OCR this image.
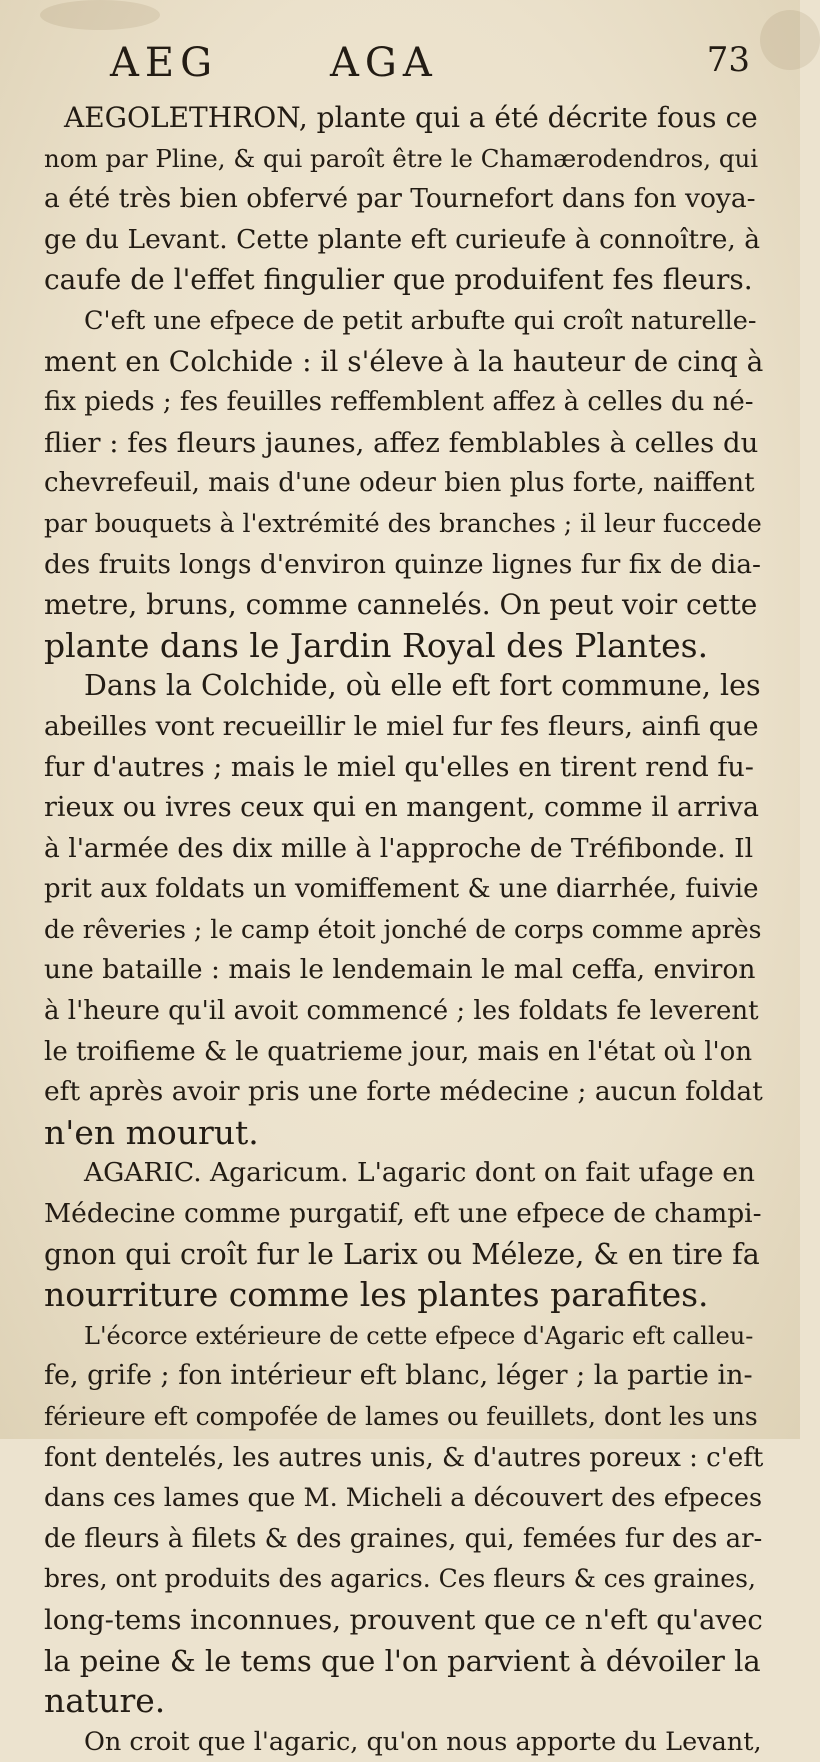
AEG	AGA	73
AEGOLETHRON, plante qui a été décrite fous ce
nom par Pline, & qui paroît être le Chamærodendros, qui
a été très bien obfervé par Tournefort dans fon voya-
ge du Levant. Cette plante eft curieufe à connoître, à
caufe de l'effet fingulier que produifent fes fleurs.
C'eft une efpece de petit arbufte qui croît naturelle-
ment en Colchide : il s'éleve à la hauteur de cinq à
fix pieds ; fes feuilles reffemblent affez à celles du né-
flier : fes fleurs jaunes, affez femblables à celles du
chevrefeuil, mais d'une odeur bien plus forte, naiffent
par bouquets à l'extrémité des branches ; il leur fuccede
des fruits longs d'environ quinze lignes fur fix de dia-
metre, bruns, comme cannelés. On peut voir cette
plante dans le Jardin Royal des Plantes.
Dans la Colchide, où elle eft fort commune, les
abeilles vont recueillir le miel fur fes fleurs, ainfi que
fur d'autres ; mais le miel qu'elles en tirent rend fu-
rieux ou ivres ceux qui en mangent, comme il arriva
à l'armée des dix mille à l'approche de Tréfibonde. Il
prit aux foldats un vomiffement & une diarrhée, fuivie
de rêveries ; le camp étoit jonché de corps comme après
une bataille : mais le lendemain le mal ceffa, environ
à l'heure qu'il avoit commencé ; les foldats fe leverent
le troifieme & le quatrieme jour, mais en l'état où l'on
eft après avoir pris une forte médecine ; aucun foldat
n'en mourut.
AGARIC. Agaricum. L'agaric dont on fait ufage en
Médecine comme purgatif, eft une efpece de champi-
gnon qui croît fur le Larix ou Méleze, & en tire fa
nourriture comme les plantes parafites.
L'écorce extérieure de cette efpece d'Agaric eft calleu-
fe, grife ; fon intérieur eft blanc, léger ; la partie in-
férieure eft compofée de lames ou feuillets, dont les uns
font dentelés, les autres unis, & d'autres poreux : c'eft
dans ces lames que M. Micheli a découvert des efpeces
de fleurs à filets & des graines, qui, femées fur des ar-
bres, ont produits des agarics. Ces fleurs & ces graines,
long-tems inconnues, prouvent que ce n'eft qu'avec
la peine & le tems que l'on parvient à dévoiler la
nature.
On croit que l'agaric, qu'on nous apporte du Levant,
